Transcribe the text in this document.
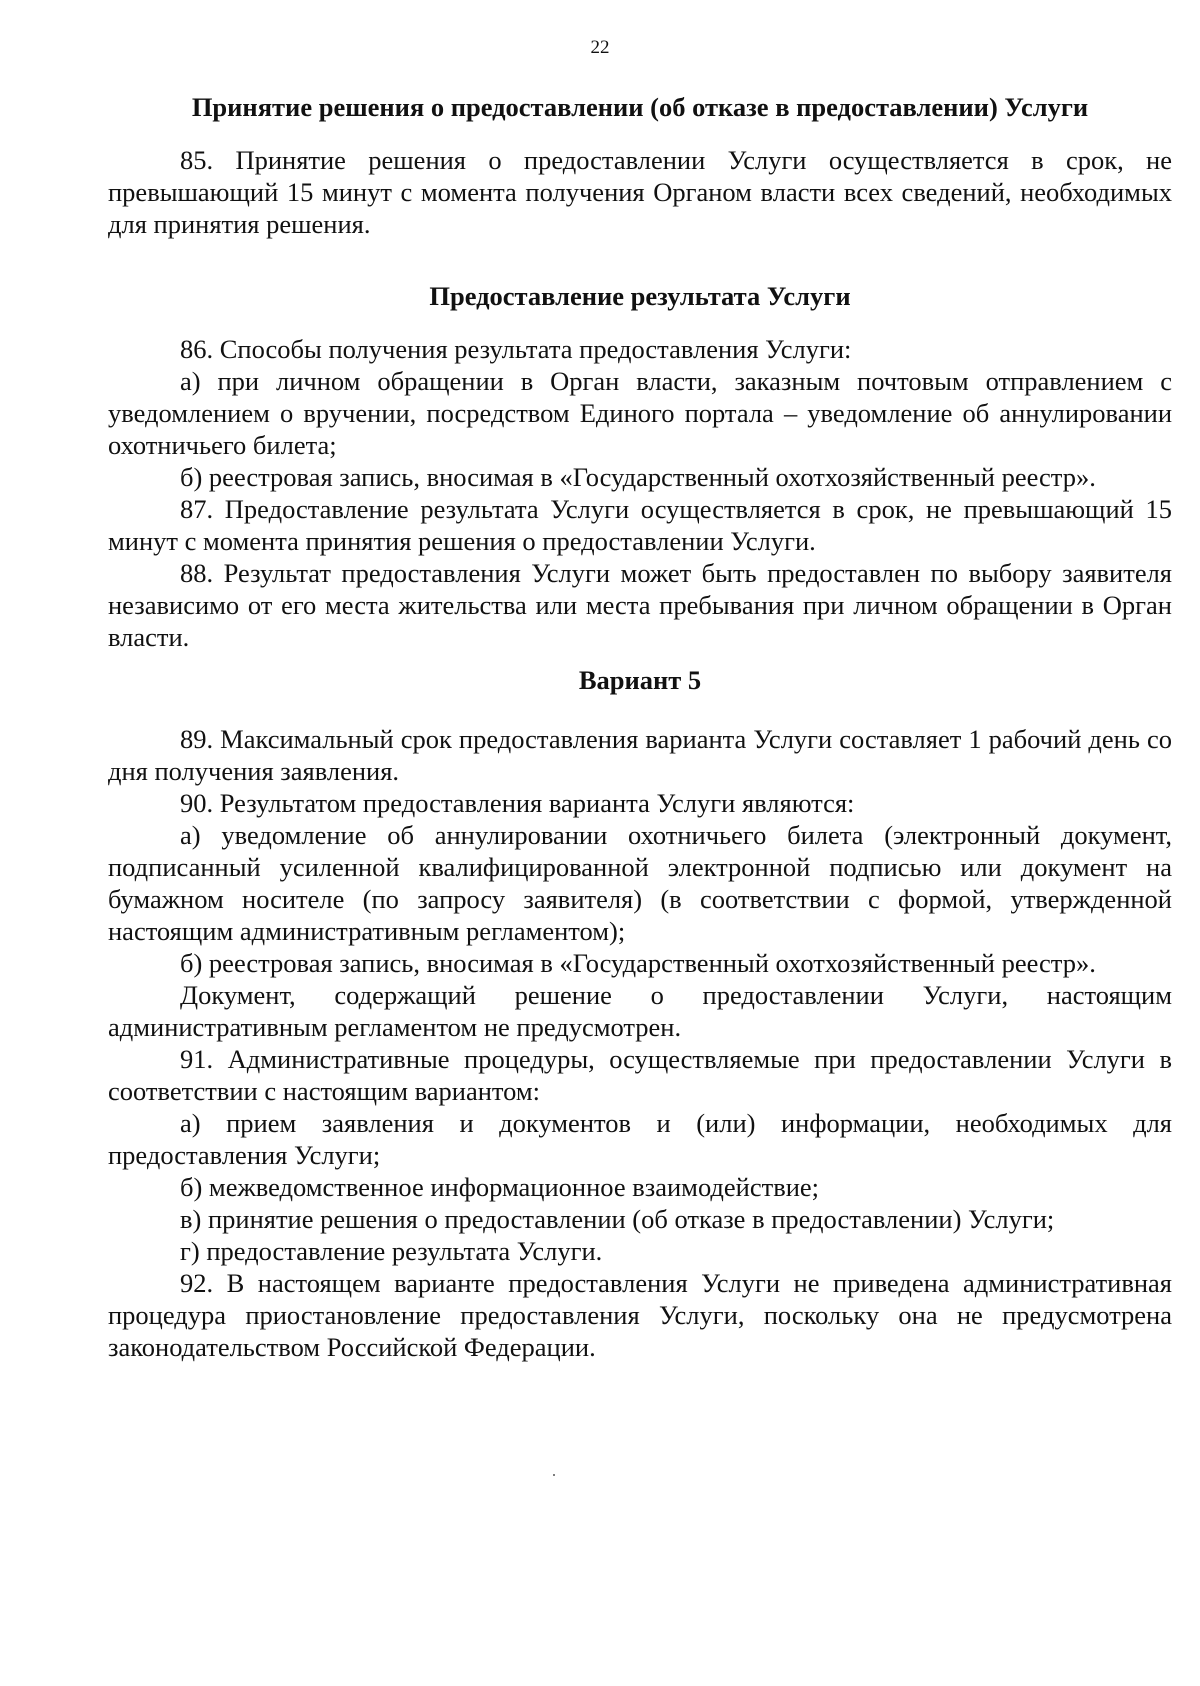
22
Принятие решения о предоставлении (об отказе в предоставлении) Услуги

85. Принятие решения о предоставлении Услуги осуществляется в срок, не превышающий 15 минут с момента получения Органом власти всех сведений, необходимых для принятия решения.

Предоставление результата Услуги

86. Способы получения результата предоставления Услуги:

а) при личном обращении в Орган власти, заказным почтовым отправлением с уведомлением о вручении, посредством Единого портала – уведомление об аннулировании охотничьего билета;

б) реестровая запись, вносимая в «Государственный охотхозяйственный реестр».

87. Предоставление результата Услуги осуществляется в срок, не превышающий 15 минут с момента принятия решения о предоставлении Услуги.

88. Результат предоставления Услуги может быть предоставлен по выбору заявителя независимо от его места жительства или места пребывания при личном обращении в Орган власти.

Вариант 5

89. Максимальный срок предоставления варианта Услуги составляет 1 рабочий день со дня получения заявления.

90. Результатом предоставления варианта Услуги являются:

а) уведомление об аннулировании охотничьего билета (электронный документ, подписанный усиленной квалифицированной электронной подписью или документ на бумажном носителе (по запросу заявителя) (в соответствии с формой, утвержденной настоящим административным регламентом);

б) реестровая запись, вносимая в «Государственный охотхозяйственный реестр».

Документ, содержащий решение о предоставлении Услуги, настоящим административным регламентом не предусмотрен.

91. Административные процедуры, осуществляемые при предоставлении Услуги в соответствии с настоящим вариантом:

а) прием заявления и документов и (или) информации, необходимых для предоставления Услуги;

б) межведомственное информационное взаимодействие;

в) принятие решения о предоставлении (об отказе в предоставлении) Услуги;

г) предоставление результата Услуги.

92. В настоящем варианте предоставления Услуги не приведена административная процедура приостановление предоставления Услуги, поскольку она не предусмотрена законодательством Российской Федерации.
